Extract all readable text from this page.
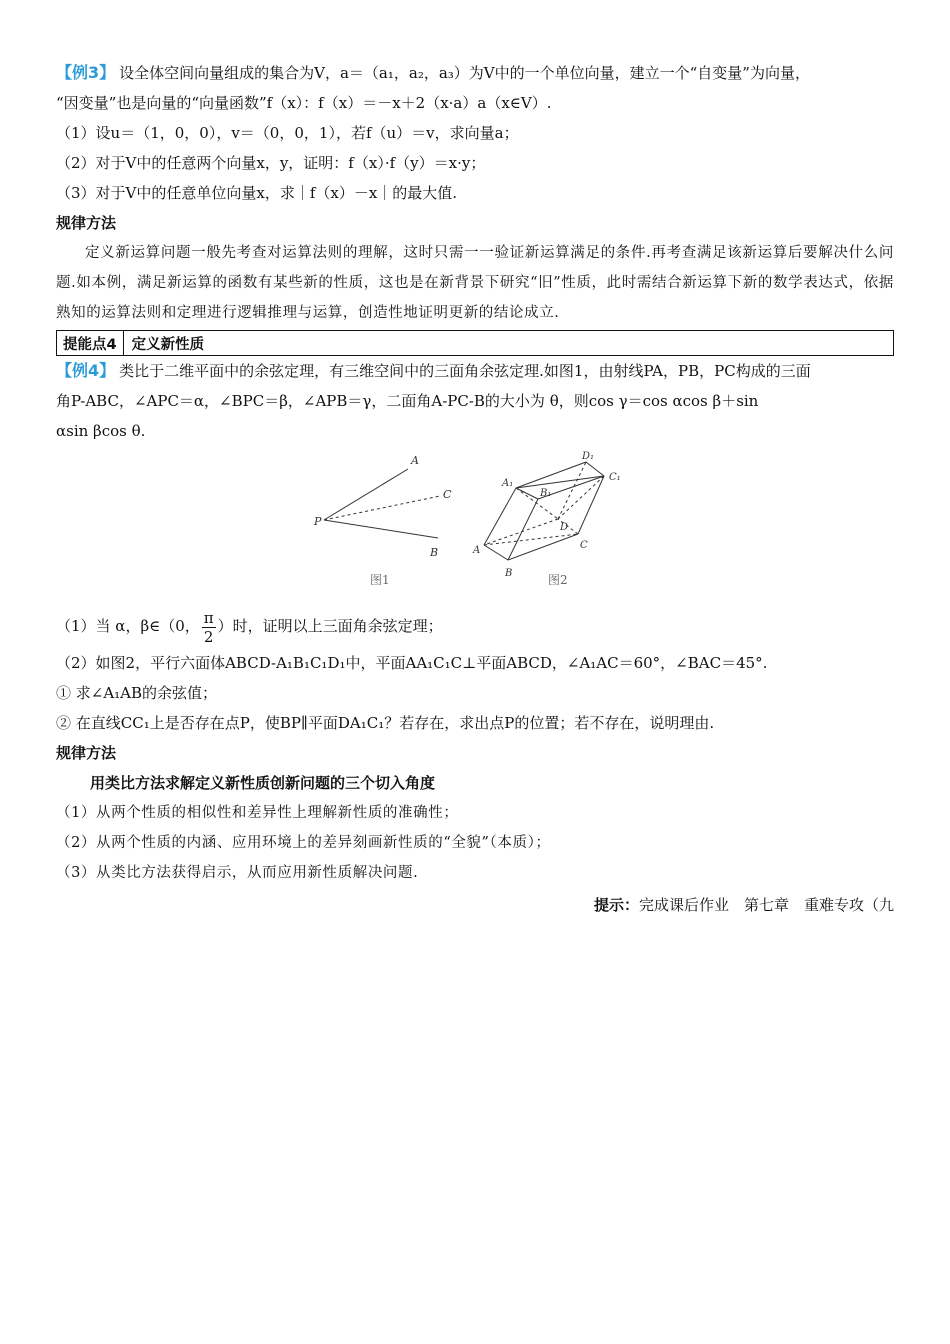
【例3】 设全体空间向量组成的集合为V，a＝（a₁，a₂，a₃）为V中的一个单位向量，建立一个“自变量”为向量，
“因变量”也是向量的“向量函数”f（x）：f（x）＝－x＋2（x·a）a（x∈V）.
（1）设u＝（1，0，0），v＝（0，0，1），若f（u）＝v，求向量a；
（2）对于V中的任意两个向量x，y，证明：f（x）·f（y）＝x·y；
（3）对于V中的任意单位向量x，求｜f（x）－x｜的最大值.
规律方法
定义新运算问题一般先考查对运算法则的理解，这时只需一一验证新运算满足的条件.再考查满足该新运算后要解决什么问题.如本例，满足新运算的函数有某些新的性质，这也是在新背景下研究“旧”性质，此时需结合新运算下新的数学表达式，依据熟知的运算法则和定理进行逻辑推理与运算，创造性地证明更新的结论成立.
提能点4	定义新性质
【例4】 类比于二维平面中的余弦定理，有三维空间中的三面角余弦定理.如图1，由射线PA，PB，PC构成的三面
角P-ABC，∠APC＝α，∠BPC＝β，∠APB＝γ，二面角A-PC-B的大小为 θ，则cos γ＝cos αcos β＋sin
αsin βcos θ.
P
A
B
C
图1
A₁
B₁
C₁
D₁
A
B
C
D
图2
（1）当 α，β∈（0， $\frac{\pi}{2}$ ）时，证明以上三面角余弦定理；
（2）如图2，平行六面体ABCD-A₁B₁C₁D₁中，平面AA₁C₁C⊥平面ABCD，∠A₁AC＝60°，∠BAC＝45°.
① 求∠A₁AB的余弦值；
② 在直线CC₁上是否存在点P，使BP∥平面DA₁C₁？若存在，求出点P的位置；若不存在，说明理由.
规律方法
用类比方法求解定义新性质创新问题的三个切入角度
（1）从两个性质的相似性和差异性上理解新性质的准确性；
（2）从两个性质的内涵、应用环境上的差异刻画新性质的“全貌”（本质）；
（3）从类比方法获得启示，从而应用新性质解决问题.
提示：完成课后作业　第七章　重难专攻（九
